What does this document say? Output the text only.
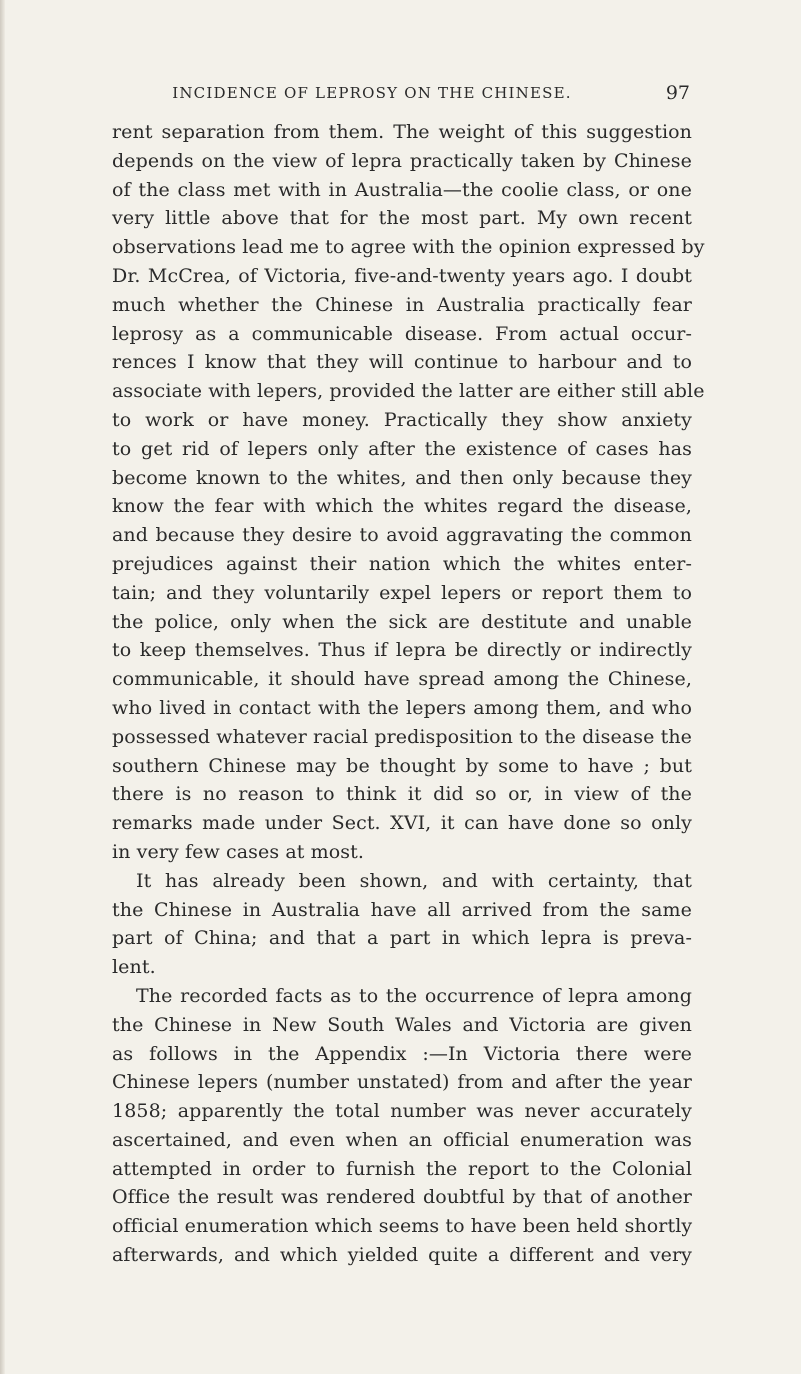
INCIDENCE OF LEPROSY ON THE CHINESE.	97
rent separation from them. The weight of this suggestion
depends on the view of lepra practically taken by Chinese
of the class met with in Australia—the coolie class, or one
very little above that for the most part. My own recent
observations lead me to agree with the opinion expressed by
Dr. McCrea, of Victoria, five-and-twenty years ago. I doubt
much whether the Chinese in Australia practically fear
leprosy as a communicable disease. From actual occur-
rences I know that they will continue to harbour and to
associate with lepers, provided the latter are either still able
to work or have money. Practically they show anxiety
to get rid of lepers only after the existence of cases has
become known to the whites, and then only because they
know the fear with which the whites regard the disease,
and because they desire to avoid aggravating the common
prejudices against their nation which the whites enter-
tain; and they voluntarily expel lepers or report them to
the police, only when the sick are destitute and unable
to keep themselves. Thus if lepra be directly or indirectly
communicable, it should have spread among the Chinese,
who lived in contact with the lepers among them, and who
possessed whatever racial predisposition to the disease the
southern Chinese may be thought by some to have ; but
there is no reason to think it did so or, in view of the
remarks made under Sect. XVI, it can have done so only
in very few cases at most.
It has already been shown, and with certainty, that
the Chinese in Australia have all arrived from the same
part of China; and that a part in which lepra is preva-
lent.
The recorded facts as to the occurrence of lepra among
the Chinese in New South Wales and Victoria are given
as follows in the Appendix :—In Victoria there were
Chinese lepers (number unstated) from and after the year
1858; apparently the total number was never accurately
ascertained, and even when an official enumeration was
attempted in order to furnish the report to the Colonial
Office the result was rendered doubtful by that of another
official enumeration which seems to have been held shortly
afterwards, and which yielded quite a different and very
